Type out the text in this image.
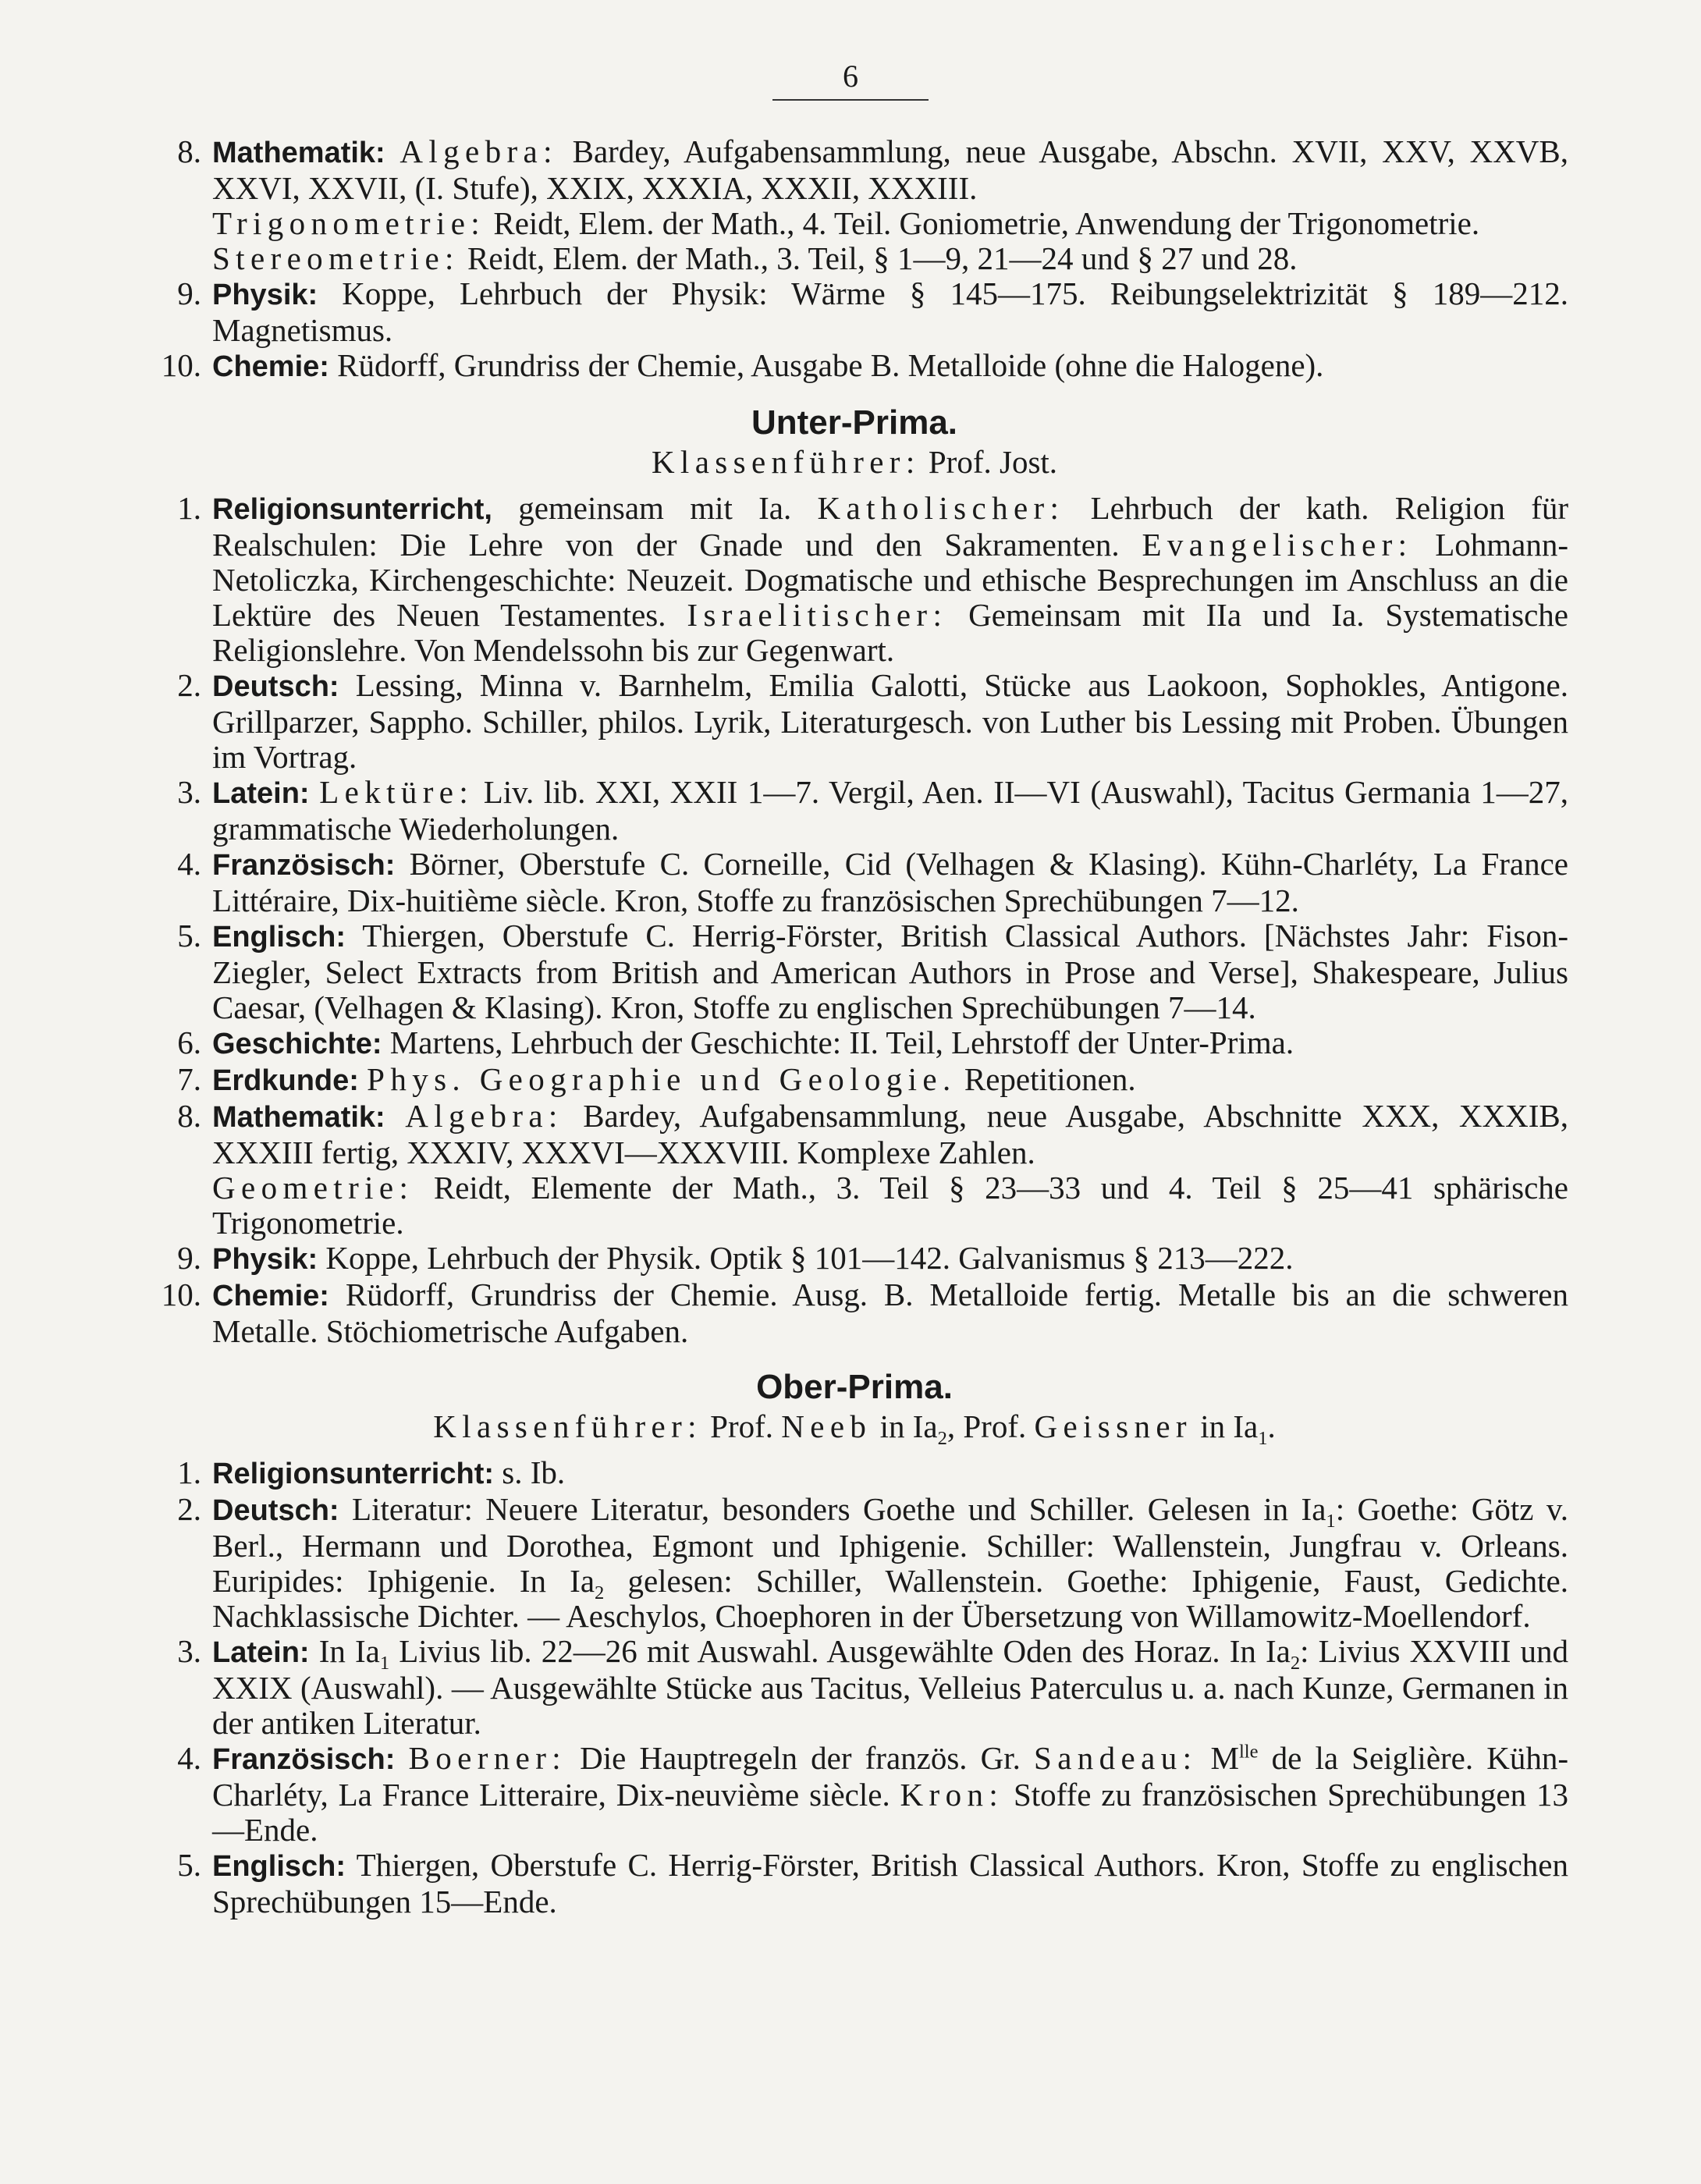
6
8. Mathematik: Algebra: Bardey, Aufgabensammlung, neue Ausgabe, Abschn. XVII, XXV, XXVB, XXVI, XXVII, (I. Stufe), XXIX, XXXIA, XXXII, XXXIII.
Trigonometrie: Reidt, Elem. der Math., 4. Teil. Goniometrie, Anwendung der Trigonometrie.
Stereometrie: Reidt, Elem. der Math., 3. Teil, § 1—9, 21—24 und § 27 und 28.
9. Physik: Koppe, Lehrbuch der Physik: Wärme § 145—175. Reibungselektrizität § 189—212. Magnetismus.
10. Chemie: Rüdorff, Grundriss der Chemie, Ausgabe B. Metalloide (ohne die Halogene).
Unter-Prima.
Klassenführer: Prof. Jost.
1. Religionsunterricht, gemeinsam mit Ia. Katholischer: Lehrbuch der kath. Religion für Realschulen: Die Lehre von der Gnade und den Sakramenten. Evangelischer: Lohmann-Netoliczka, Kirchengeschichte: Neuzeit. Dogmatische und ethische Besprechungen im Anschluss an die Lektüre des Neuen Testamentes. Israelitischer: Gemeinsam mit IIa und Ia. Systematische Religionslehre. Von Mendelssohn bis zur Gegenwart.
2. Deutsch: Lessing, Minna v. Barnhelm, Emilia Galotti, Stücke aus Laokoon, Sophokles, Antigone. Grillparzer, Sappho. Schiller, philos. Lyrik, Literaturgesch. von Luther bis Lessing mit Proben. Übungen im Vortrag.
3. Latein: Lektüre: Liv. lib. XXI, XXII 1—7. Vergil, Aen. II—VI (Auswahl), Tacitus Germania 1—27, grammatische Wiederholungen.
4. Französisch: Börner, Oberstufe C. Corneille, Cid (Velhagen & Klasing). Kühn-Charléty, La France Littéraire, Dix-huitième siècle. Kron, Stoffe zu französischen Sprechübungen 7—12.
5. Englisch: Thiergen, Oberstufe C. Herrig-Förster, British Classical Authors. [Nächstes Jahr: Fison-Ziegler, Select Extracts from British and American Authors in Prose and Verse], Shakespeare, Julius Caesar, (Velhagen & Klasing). Kron, Stoffe zu englischen Sprechübungen 7—14.
6. Geschichte: Martens, Lehrbuch der Geschichte: II. Teil, Lehrstoff der Unter-Prima.
7. Erdkunde: Phys. Geographie und Geologie. Repetitionen.
8. Mathematik: Algebra: Bardey, Aufgabensammlung, neue Ausgabe, Abschnitte XXX, XXXIB, XXXIII fertig, XXXIV, XXXVI—XXXVIII. Komplexe Zahlen.
Geometrie: Reidt, Elemente der Math., 3. Teil § 23—33 und 4. Teil § 25—41 sphärische Trigonometrie.
9. Physik: Koppe, Lehrbuch der Physik. Optik § 101—142. Galvanismus § 213—222.
10. Chemie: Rüdorff, Grundriss der Chemie. Ausg. B. Metalloide fertig. Metalle bis an die schweren Metalle. Stöchiometrische Aufgaben.
Ober-Prima.
Klassenführer: Prof. Neeb in $Ia_2$, Prof. Geissner in $Ia_1$.
1. Religionsunterricht: s. Ib.
2. Deutsch: Literatur: Neuere Literatur, besonders Goethe und Schiller. Gelesen in $Ia_1$: Goethe: Götz v. Berl., Hermann und Dorothea, Egmont und Iphigenie. Schiller: Wallenstein, Jungfrau v. Orleans. Euripides: Iphigenie. In $Ia_2$ gelesen: Schiller, Wallenstein. Goethe: Iphigenie, Faust, Gedichte. Nachklassische Dichter. — Aeschylos, Choephoren in der Übersetzung von Willamowitz-Moellendorf.
3. Latein: In $Ia_1$ Livius lib. 22—26 mit Auswahl. Ausgewählte Oden des Horaz. In $Ia_2$: Livius XXVIII und XXIX (Auswahl). — Ausgewählte Stücke aus Tacitus, Velleius Paterculus u. a. nach Kunze, Germanen in der antiken Literatur.
4. Französisch: Boerner: Die Hauptregeln der französ. Gr. Sandeau: $M^{lle}$ de la Seiglière. Kühn-Charléty, La France Litteraire, Dix-neuvième siècle. Kron: Stoffe zu französischen Sprechübungen 13—Ende.
5. Englisch: Thiergen, Oberstufe C. Herrig-Förster, British Classical Authors. Kron, Stoffe zu englischen Sprechübungen 15—Ende.
